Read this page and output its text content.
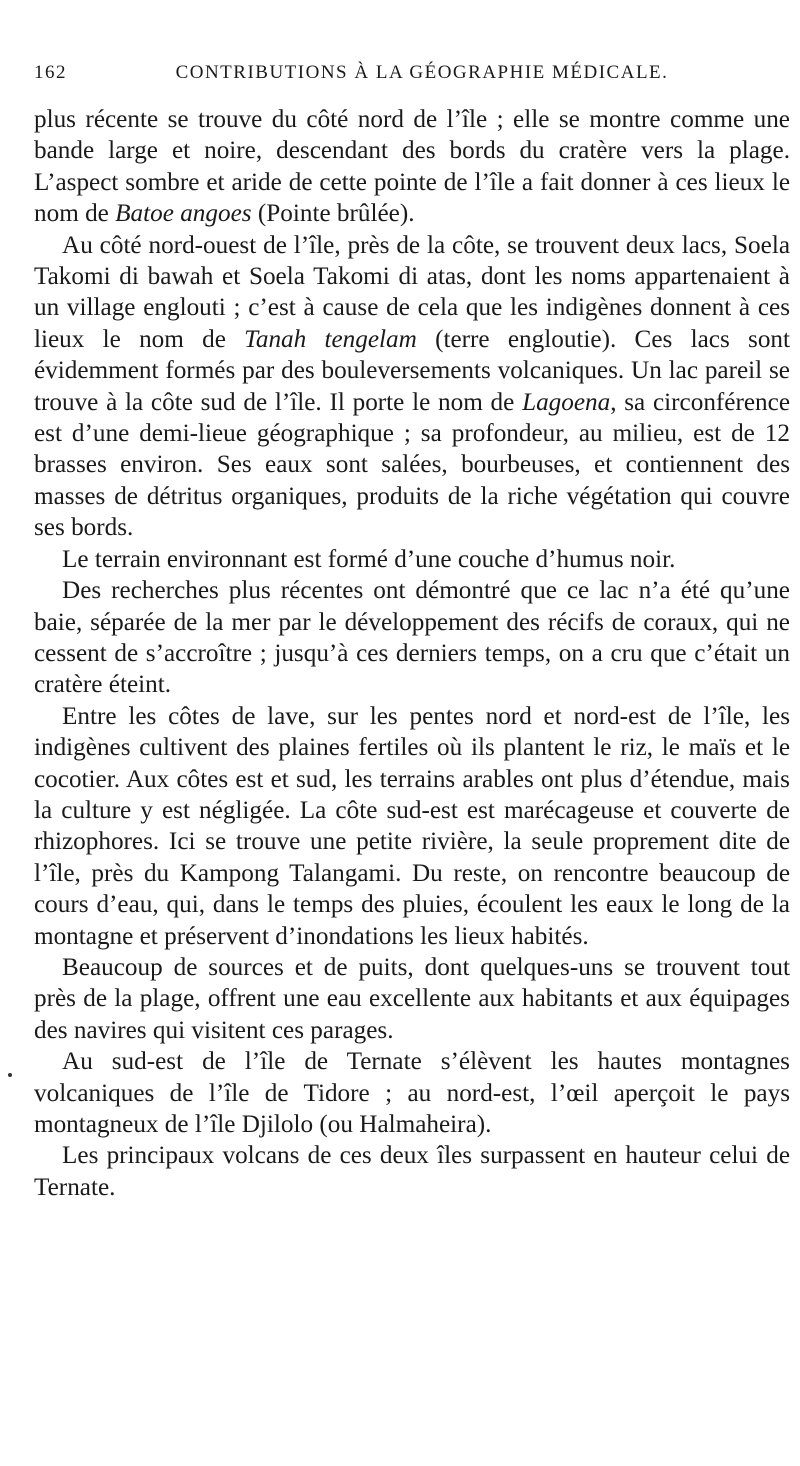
162	CONTRIBUTIONS À LA GÉOGRAPHIE MÉDICALE.

plus récente se trouve du côté nord de l’île ; elle se montre comme une bande large et noire, descendant des bords du cratère vers la plage. L’aspect sombre et aride de cette pointe de l’île a fait donner à ces lieux le nom de Batoe angoes (Pointe brûlée).

Au côté nord-ouest de l’île, près de la côte, se trouvent deux lacs, Soela Takomi di bawah et Soela Takomi di atas, dont les noms appartenaient à un village englouti ; c’est à cause de cela que les indigènes donnent à ces lieux le nom de Tanah tengelam (terre engloutie). Ces lacs sont évidemment formés par des bouleversements volcaniques. Un lac pareil se trouve à la côte sud de l’île. Il porte le nom de Lagoena, sa circonférence est d’une demi-lieue géographique ; sa profondeur, au milieu, est de 12 brasses environ. Ses eaux sont salées, bourbeuses, et contiennent des masses de détritus organiques, produits de la riche végétation qui couvre ses bords.

Le terrain environnant est formé d’une couche d’humus noir.

Des recherches plus récentes ont démontré que ce lac n’a été qu’une baie, séparée de la mer par le développement des récifs de coraux, qui ne cessent de s’accroître ; jusqu’à ces derniers temps, on a cru que c’était un cratère éteint.

Entre les côtes de lave, sur les pentes nord et nord-est de l’île, les indigènes cultivent des plaines fertiles où ils plantent le riz, le maïs et le cocotier. Aux côtes est et sud, les terrains arables ont plus d’étendue, mais la culture y est négligée. La côte sud-est est marécageuse et couverte de rhizophores. Ici se trouve une petite rivière, la seule proprement dite de l’île, près du Kampong Talangami. Du reste, on rencontre beaucoup de cours d’eau, qui, dans le temps des pluies, écoulent les eaux le long de la montagne et préservent d’inondations les lieux habités.

Beaucoup de sources et de puits, dont quelques-uns se trouvent tout près de la plage, offrent une eau excellente aux habitants et aux équipages des navires qui visitent ces parages.

Au sud-est de l’île de Ternate s’élèvent les hautes montagnes volcaniques de l’île de Tidore ; au nord-est, l’œil aperçoit le pays montagneux de l’île Djilolo (ou Halmaheira).

Les principaux volcans de ces deux îles surpassent en hauteur celui de Ternate.
